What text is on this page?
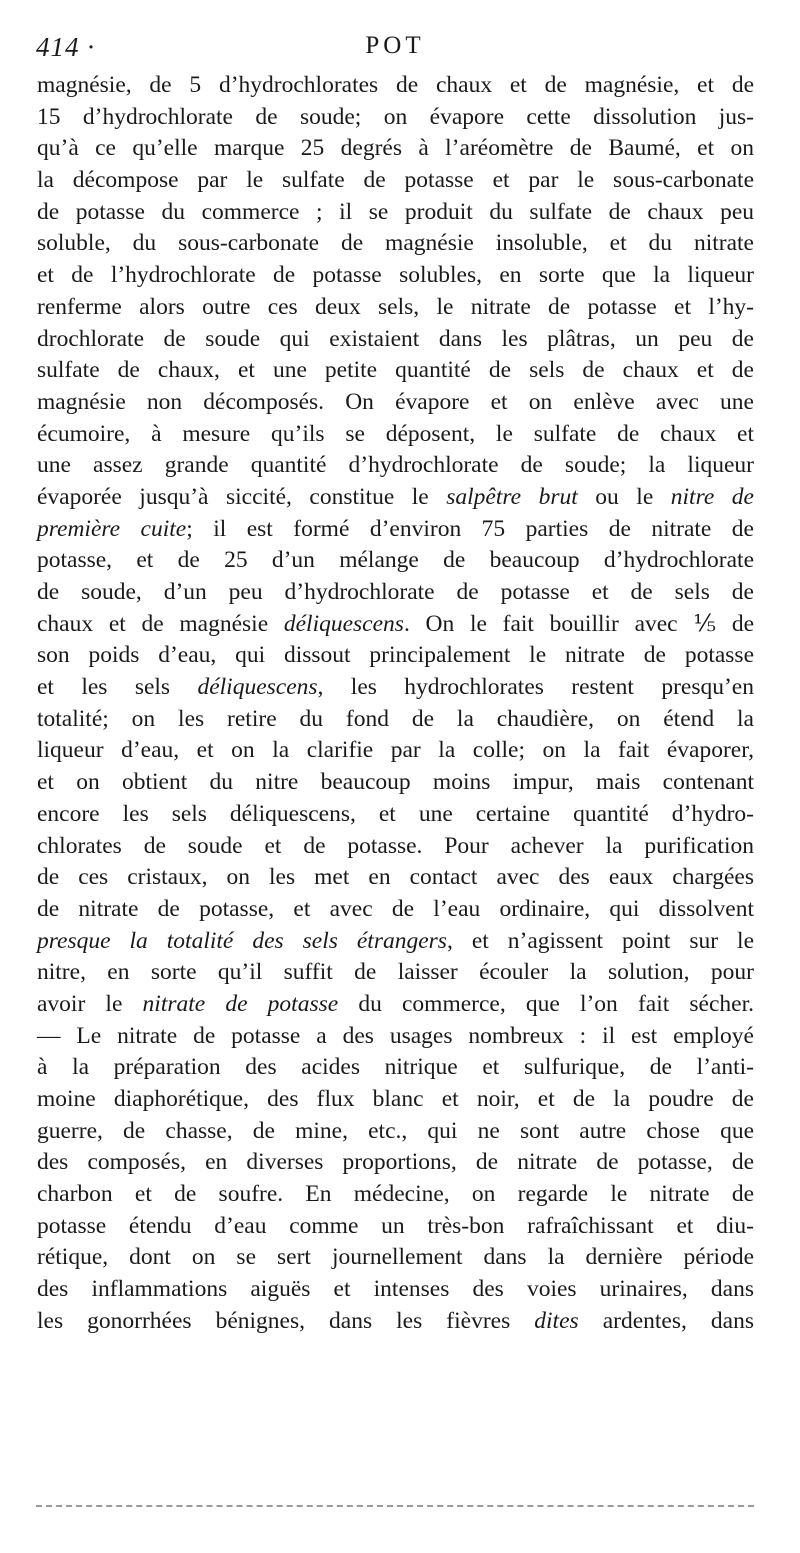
414 ·	POT
magnésie, de 5 d’hydrochlorates de chaux et de magnésie, et de
15 d’hydrochlorate de soude; on évapore cette dissolution jus-
qu’à ce qu’elle marque 25 degrés à l’aréomètre de Baumé, et on
la décompose par le sulfate de potasse et par le sous-carbonate
de potasse du commerce ; il se produit du sulfate de chaux peu
soluble, du sous-carbonate de magnésie insoluble, et du nitrate
et de l’hydrochlorate de potasse solubles, en sorte que la liqueur
renferme alors outre ces deux sels, le nitrate de potasse et l’hy-
drochlorate de soude qui existaient dans les plâtras, un peu de
sulfate de chaux, et une petite quantité de sels de chaux et de
magnésie non décomposés. On évapore et on enlève avec une
écumoire, à mesure qu’ils se déposent, le sulfate de chaux et
une assez grande quantité d’hydrochlorate de soude; la liqueur
évaporée jusqu’à siccité, constitue le salpêtre brut ou le nitre de
première cuite; il est formé d’environ 75 parties de nitrate de
potasse, et de 25 d’un mélange de beaucoup d’hydrochlorate
de soude, d’un peu d’hydrochlorate de potasse et de sels de
chaux et de magnésie déliquescens. On le fait bouillir avec ⅕ de
son poids d’eau, qui dissout principalement le nitrate de potasse
et les sels déliquescens, les hydrochlorates restent presqu’en
totalité; on les retire du fond de la chaudière, on étend la
liqueur d’eau, et on la clarifie par la colle; on la fait évaporer,
et on obtient du nitre beaucoup moins impur, mais contenant
encore les sels déliquescens, et une certaine quantité d’hydro-
chlorates de soude et de potasse. Pour achever la purification
de ces cristaux, on les met en contact avec des eaux chargées
de nitrate de potasse, et avec de l’eau ordinaire, qui dissolvent
presque la totalité des sels étrangers, et n’agissent point sur le
nitre, en sorte qu’il suffit de laisser écouler la solution, pour
avoir le nitrate de potasse du commerce, que l’on fait sécher.
— Le nitrate de potasse a des usages nombreux : il est employé
à la préparation des acides nitrique et sulfurique, de l’anti-
moine diaphorétique, des flux blanc et noir, et de la poudre de
guerre, de chasse, de mine, etc., qui ne sont autre chose que
des composés, en diverses proportions, de nitrate de potasse, de
charbon et de soufre. En médecine, on regarde le nitrate de
potasse étendu d’eau comme un très-bon rafraîchissant et diu-
rétique, dont on se sert journellement dans la dernière période
des inflammations aiguës et intenses des voies urinaires, dans
les gonorrhées bénignes, dans les fièvres dites ardentes, dans
